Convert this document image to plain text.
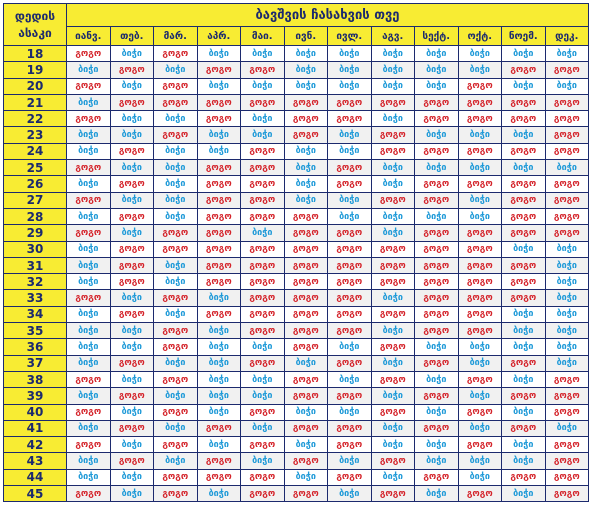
დედის
ასაკი	ბავშვის ჩასახვის თვე											
	იანვ.	თებ.	მარ.	აპრ.	მაი.	ივნ.	ივლ.	აგვ.	სექტ.	ოქტ.	ნოემ.	დეკ.
18	გოგო	ბიჭი	გოგო	ბიჭი	ბიჭი	ბიჭი	ბიჭი	ბიჭი	ბიჭი	ბიჭი	ბიჭი	ბიჭი
19	ბიჭი	გოგო	ბიჭი	გოგო	გოგო	ბიჭი	ბიჭი	ბიჭი	ბიჭი	ბიჭი	გოგო	გოგო
20	გოგო	ბიჭი	გოგო	ბიჭი	ბიჭი	ბიჭი	ბიჭი	ბიჭი	ბიჭი	გოგო	ბიჭი	ბიჭი
21	ბიჭი	გოგო	გოგო	გოგო	გოგო	გოგო	გოგო	გოგო	გოგო	გოგო	გოგო	გოგო
22	გოგო	ბიჭი	ბიჭი	გოგო	ბიჭი	გოგო	გოგო	ბიჭი	გოგო	გოგო	გოგო	გოგო
23	ბიჭი	ბიჭი	გოგო	ბიჭი	ბიჭი	გოგო	ბიჭი	გოგო	ბიჭი	ბიჭი	ბიჭი	გოგო
24	ბიჭი	გოგო	ბიჭი	ბიჭი	გოგო	ბიჭი	ბიჭი	გოგო	გოგო	გოგო	გოგო	გოგო
25	გოგო	ბიჭი	ბიჭი	გოგო	გოგო	ბიჭი	გოგო	ბიჭი	ბიჭი	ბიჭი	ბიჭი	ბიჭი
26	ბიჭი	გოგო	ბიჭი	გოგო	გოგო	ბიჭი	გოგო	ბიჭი	გოგო	გოგო	გოგო	გოგო
27	გოგო	ბიჭი	ბიჭი	გოგო	გოგო	ბიჭი	ბიჭი	გოგო	გოგო	ბიჭი	გოგო	გოგო
28	ბიჭი	გოგო	ბიჭი	გოგო	გოგო	გოგო	ბიჭი	ბიჭი	ბიჭი	ბიჭი	გოგო	გოგო
29	გოგო	ბიჭი	გოგო	გოგო	ბიჭი	გოგო	გოგო	ბიჭი	გოგო	გოგო	გოგო	გოგო
30	ბიჭი	გოგო	გოგო	გოგო	გოგო	გოგო	გოგო	გოგო	გოგო	გოგო	ბიჭი	ბიჭი
31	ბიჭი	გოგო	ბიჭი	გოგო	გოგო	გოგო	გოგო	გოგო	გოგო	გოგო	გოგო	ბიჭი
32	ბიჭი	გოგო	ბიჭი	გოგო	გოგო	გოგო	გოგო	გოგო	გოგო	გოგო	გოგო	ბიჭი
33	გოგო	ბიჭი	გოგო	ბიჭი	გოგო	გოგო	გოგო	ბიჭი	გოგო	გოგო	გოგო	ბიჭი
34	ბიჭი	გოგო	ბიჭი	გოგო	გოგო	გოგო	გოგო	გოგო	გოგო	გოგო	ბიჭი	ბიჭი
35	ბიჭი	ბიჭი	გოგო	ბიჭი	გოგო	გოგო	გოგო	ბიჭი	გოგო	გოგო	ბიჭი	ბიჭი
36	ბიჭი	ბიჭი	გოგო	ბიჭი	ბიჭი	გოგო	ბიჭი	გოგო	ბიჭი	ბიჭი	ბიჭი	ბიჭი
37	ბიჭი	გოგო	ბიჭი	ბიჭი	გოგო	ბიჭი	გოგო	ბიჭი	გოგო	ბიჭი	გოგო	ბიჭი
38	გოგო	ბიჭი	გოგო	ბიჭი	ბიჭი	გოგო	ბიჭი	გოგო	ბიჭი	გოგო	ბიჭი	გოგო
39	ბიჭი	გოგო	ბიჭი	ბიჭი	ბიჭი	გოგო	გოგო	ბიჭი	გოგო	ბიჭი	გოგო	გოგო
40	გოგო	ბიჭი	გოგო	ბიჭი	გოგო	ბიჭი	ბიჭი	გოგო	ბიჭი	გოგო	ბიჭი	გოგო
41	ბიჭი	გოგო	ბიჭი	გოგო	ბიჭი	გოგო	გოგო	ბიჭი	გოგო	ბიჭი	გოგო	ბიჭი
42	გოგო	ბიჭი	გოგო	ბიჭი	გოგო	ბიჭი	გოგო	ბიჭი	ბიჭი	გოგო	ბიჭი	გოგო
43	ბიჭი	გოგო	ბიჭი	გოგო	ბიჭი	გოგო	ბიჭი	გოგო	ბიჭი	ბიჭი	ბიჭი	გოგო
44	ბიჭი	ბიჭი	გოგო	გოგო	გოგო	ბიჭი	გოგო	ბიჭი	გოგო	ბიჭი	გოგო	გოგო
45	გოგო	ბიჭი	გოგო	ბიჭი	გოგო	გოგო	ბიჭი	გოგო	ბიჭი	გოგო	ბიჭი	გოგო
